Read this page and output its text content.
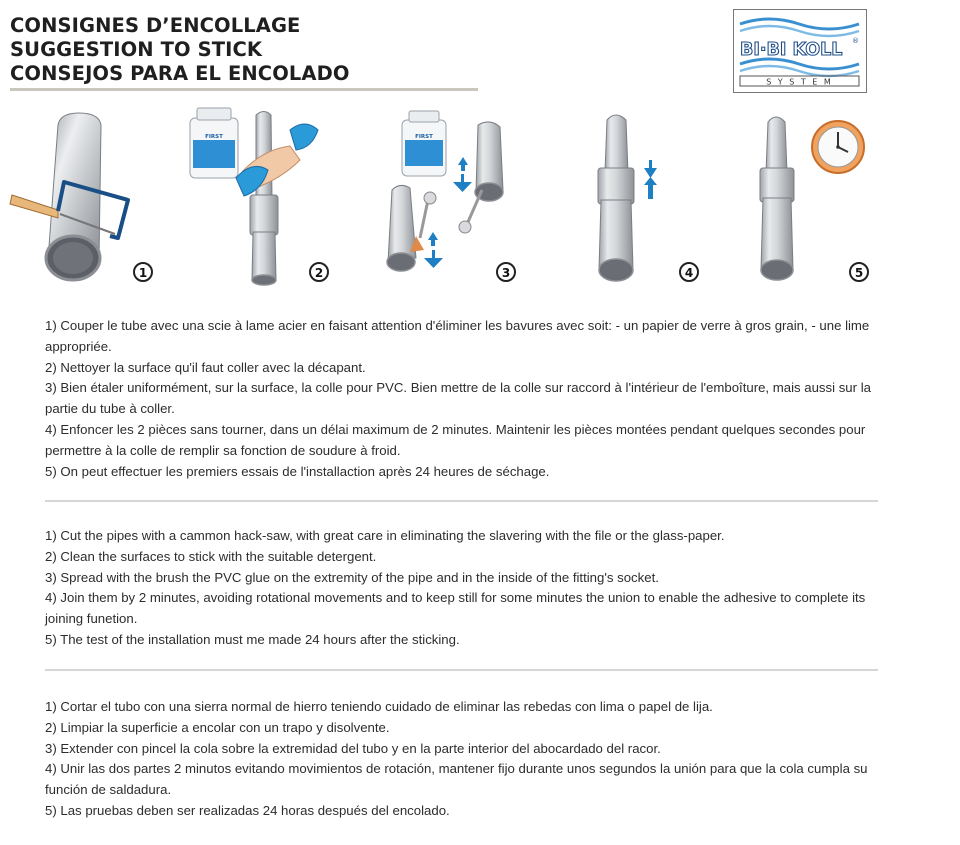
CONSIGNES D’ENCOLLAGE
SUGGESTION TO STICK
CONSEJOS PARA EL ENCOLADO
BI·BI KOLL ®
S Y S T E M
1
FIRST
2
FIRST
3	4	5

1) Couper le tube avec una scie à lame acier en faisant attention d'éliminer les bavures avec soit: - un papier de verre à gros grain, - une lime appropriée.

2) Nettoyer la surface qu'il faut coller avec la décapant.

3) Bien étaler uniformément, sur la surface, la colle pour PVC. Bien mettre de la colle sur raccord à l'intérieur de l'emboîture, mais aussi sur la partie du tube à coller.

4) Enfoncer les 2 pièces sans tourner, dans un délai maximum de 2 minutes. Maintenir les pièces montées pendant quelques secondes pour permettre à la colle de remplir sa fonction de soudure à froid.

5) On peut effectuer les premiers essais de l'installaction après 24 heures de séchage.

1) Cut the pipes with a cammon hack-saw, with great care in eliminating the slavering with the file or the glass-paper.

2) Clean the surfaces to stick with the suitable detergent.

3) Spread with the brush the PVC glue on the extremity of the pipe and in the inside of the fitting's socket.

4) Join them by 2 minutes, avoiding rotational movements and to keep still for some minutes the union to enable the adhesive to complete its joining funetion.

5) The test of the installation must me made 24 hours after the sticking.

1) Cortar el tubo con una sierra normal de hierro teniendo cuidado de eliminar las rebedas con lima o papel de lija.

2) Limpiar la superficie a encolar con un trapo y disolvente.

3) Extender con pincel la cola sobre la extremidad del tubo y en la parte interior del abocardado del racor.

4) Unir las dos partes 2 minutos evitando movimientos de rotación, mantener fijo durante unos segundos la unión para que la cola cumpla su función de saldadura.

5) Las pruebas deben ser realizadas 24 horas después del encolado.
